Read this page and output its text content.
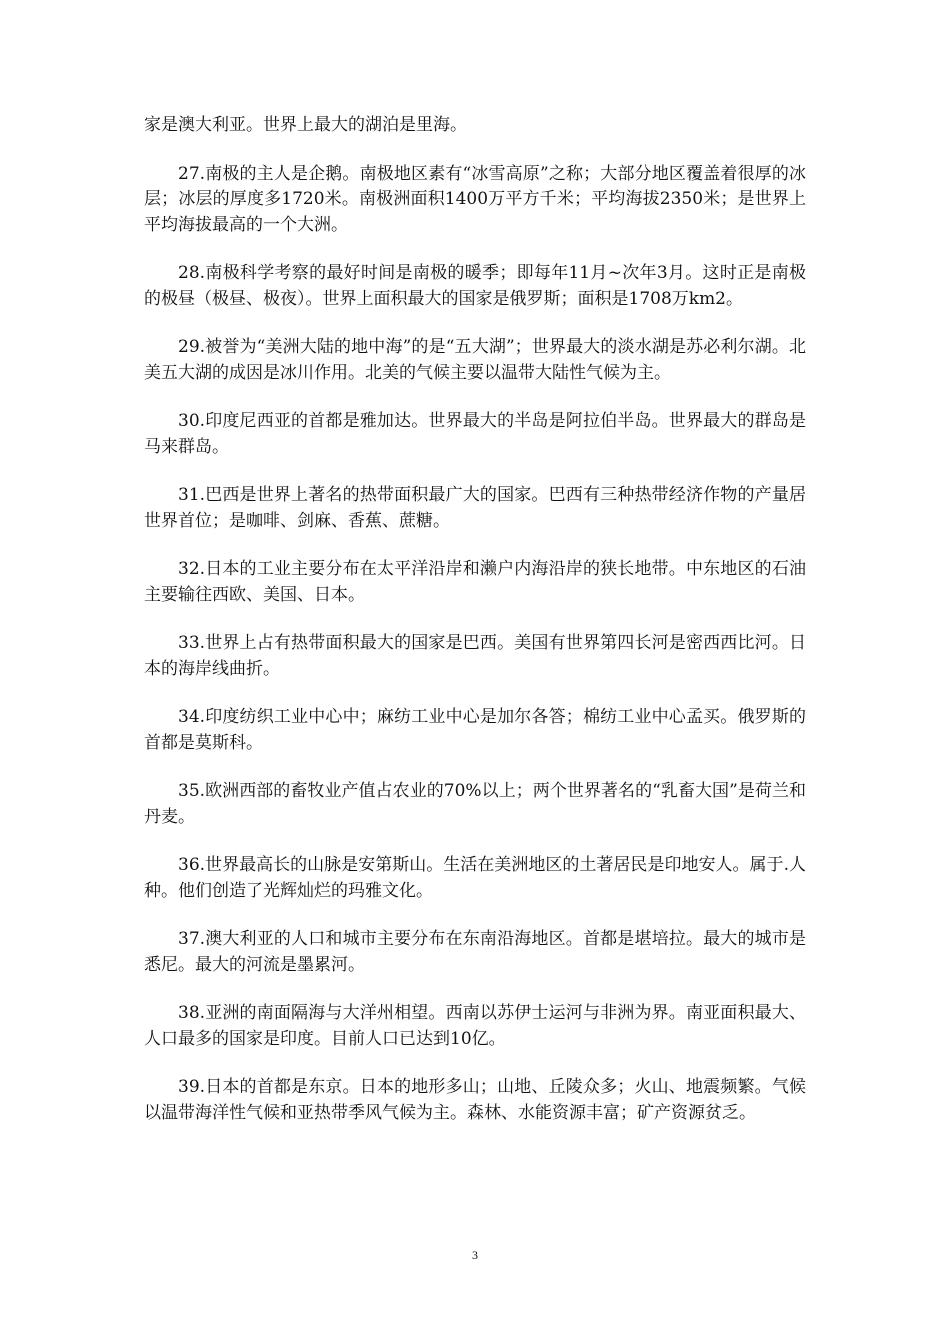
家是澳大利亚。世界上最大的湖泊是里海。

27.南极的主人是企鹅。南极地区素有“冰雪高原”之称；大部分地区覆盖着很厚的冰层；冰层的厚度多1720米。南极洲面积1400万平方千米；平均海拔2350米；是世界上平均海拔最高的一个大洲。

28.南极科学考察的最好时间是南极的暖季；即每年11月~次年3月。这时正是南极的极昼（极昼、极夜）。世界上面积最大的国家是俄罗斯；面积是1708万km2。

29.被誉为“美洲大陆的地中海”的是“五大湖”；世界最大的淡水湖是苏必利尔湖。北美五大湖的成因是冰川作用。北美的气候主要以温带大陆性气候为主。

30.印度尼西亚的首都是雅加达。世界最大的半岛是阿拉伯半岛。世界最大的群岛是马来群岛。

31.巴西是世界上著名的热带面积最广大的国家。巴西有三种热带经济作物的产量居世界首位；是咖啡、剑麻、香蕉、蔗糖。

32.日本的工业主要分布在太平洋沿岸和濑户内海沿岸的狭长地带。中东地区的石油主要输往西欧、美国、日本。

33.世界上占有热带面积最大的国家是巴西。美国有世界第四长河是密西西比河。日本的海岸线曲折。

34.印度纺织工业中心中；麻纺工业中心是加尔各答；棉纺工业中心孟买。俄罗斯的首都是莫斯科。

35.欧洲西部的畜牧业产值占农业的70%以上；两个世界著名的“乳畜大国”是荷兰和丹麦。

36.世界最高长的山脉是安第斯山。生活在美洲地区的土著居民是印地安人。属于.人种。他们创造了光辉灿烂的玛雅文化。

37.澳大利亚的人口和城市主要分布在东南沿海地区。首都是堪培拉。最大的城市是悉尼。最大的河流是墨累河。

38.亚洲的南面隔海与大洋州相望。西南以苏伊士运河与非洲为界。南亚面积最大、人口最多的国家是印度。目前人口已达到10亿。

39.日本的首都是东京。日本的地形多山；山地、丘陵众多；火山、地震频繁。气候以温带海洋性气候和亚热带季风气候为主。森林、水能资源丰富；矿产资源贫乏。

3
